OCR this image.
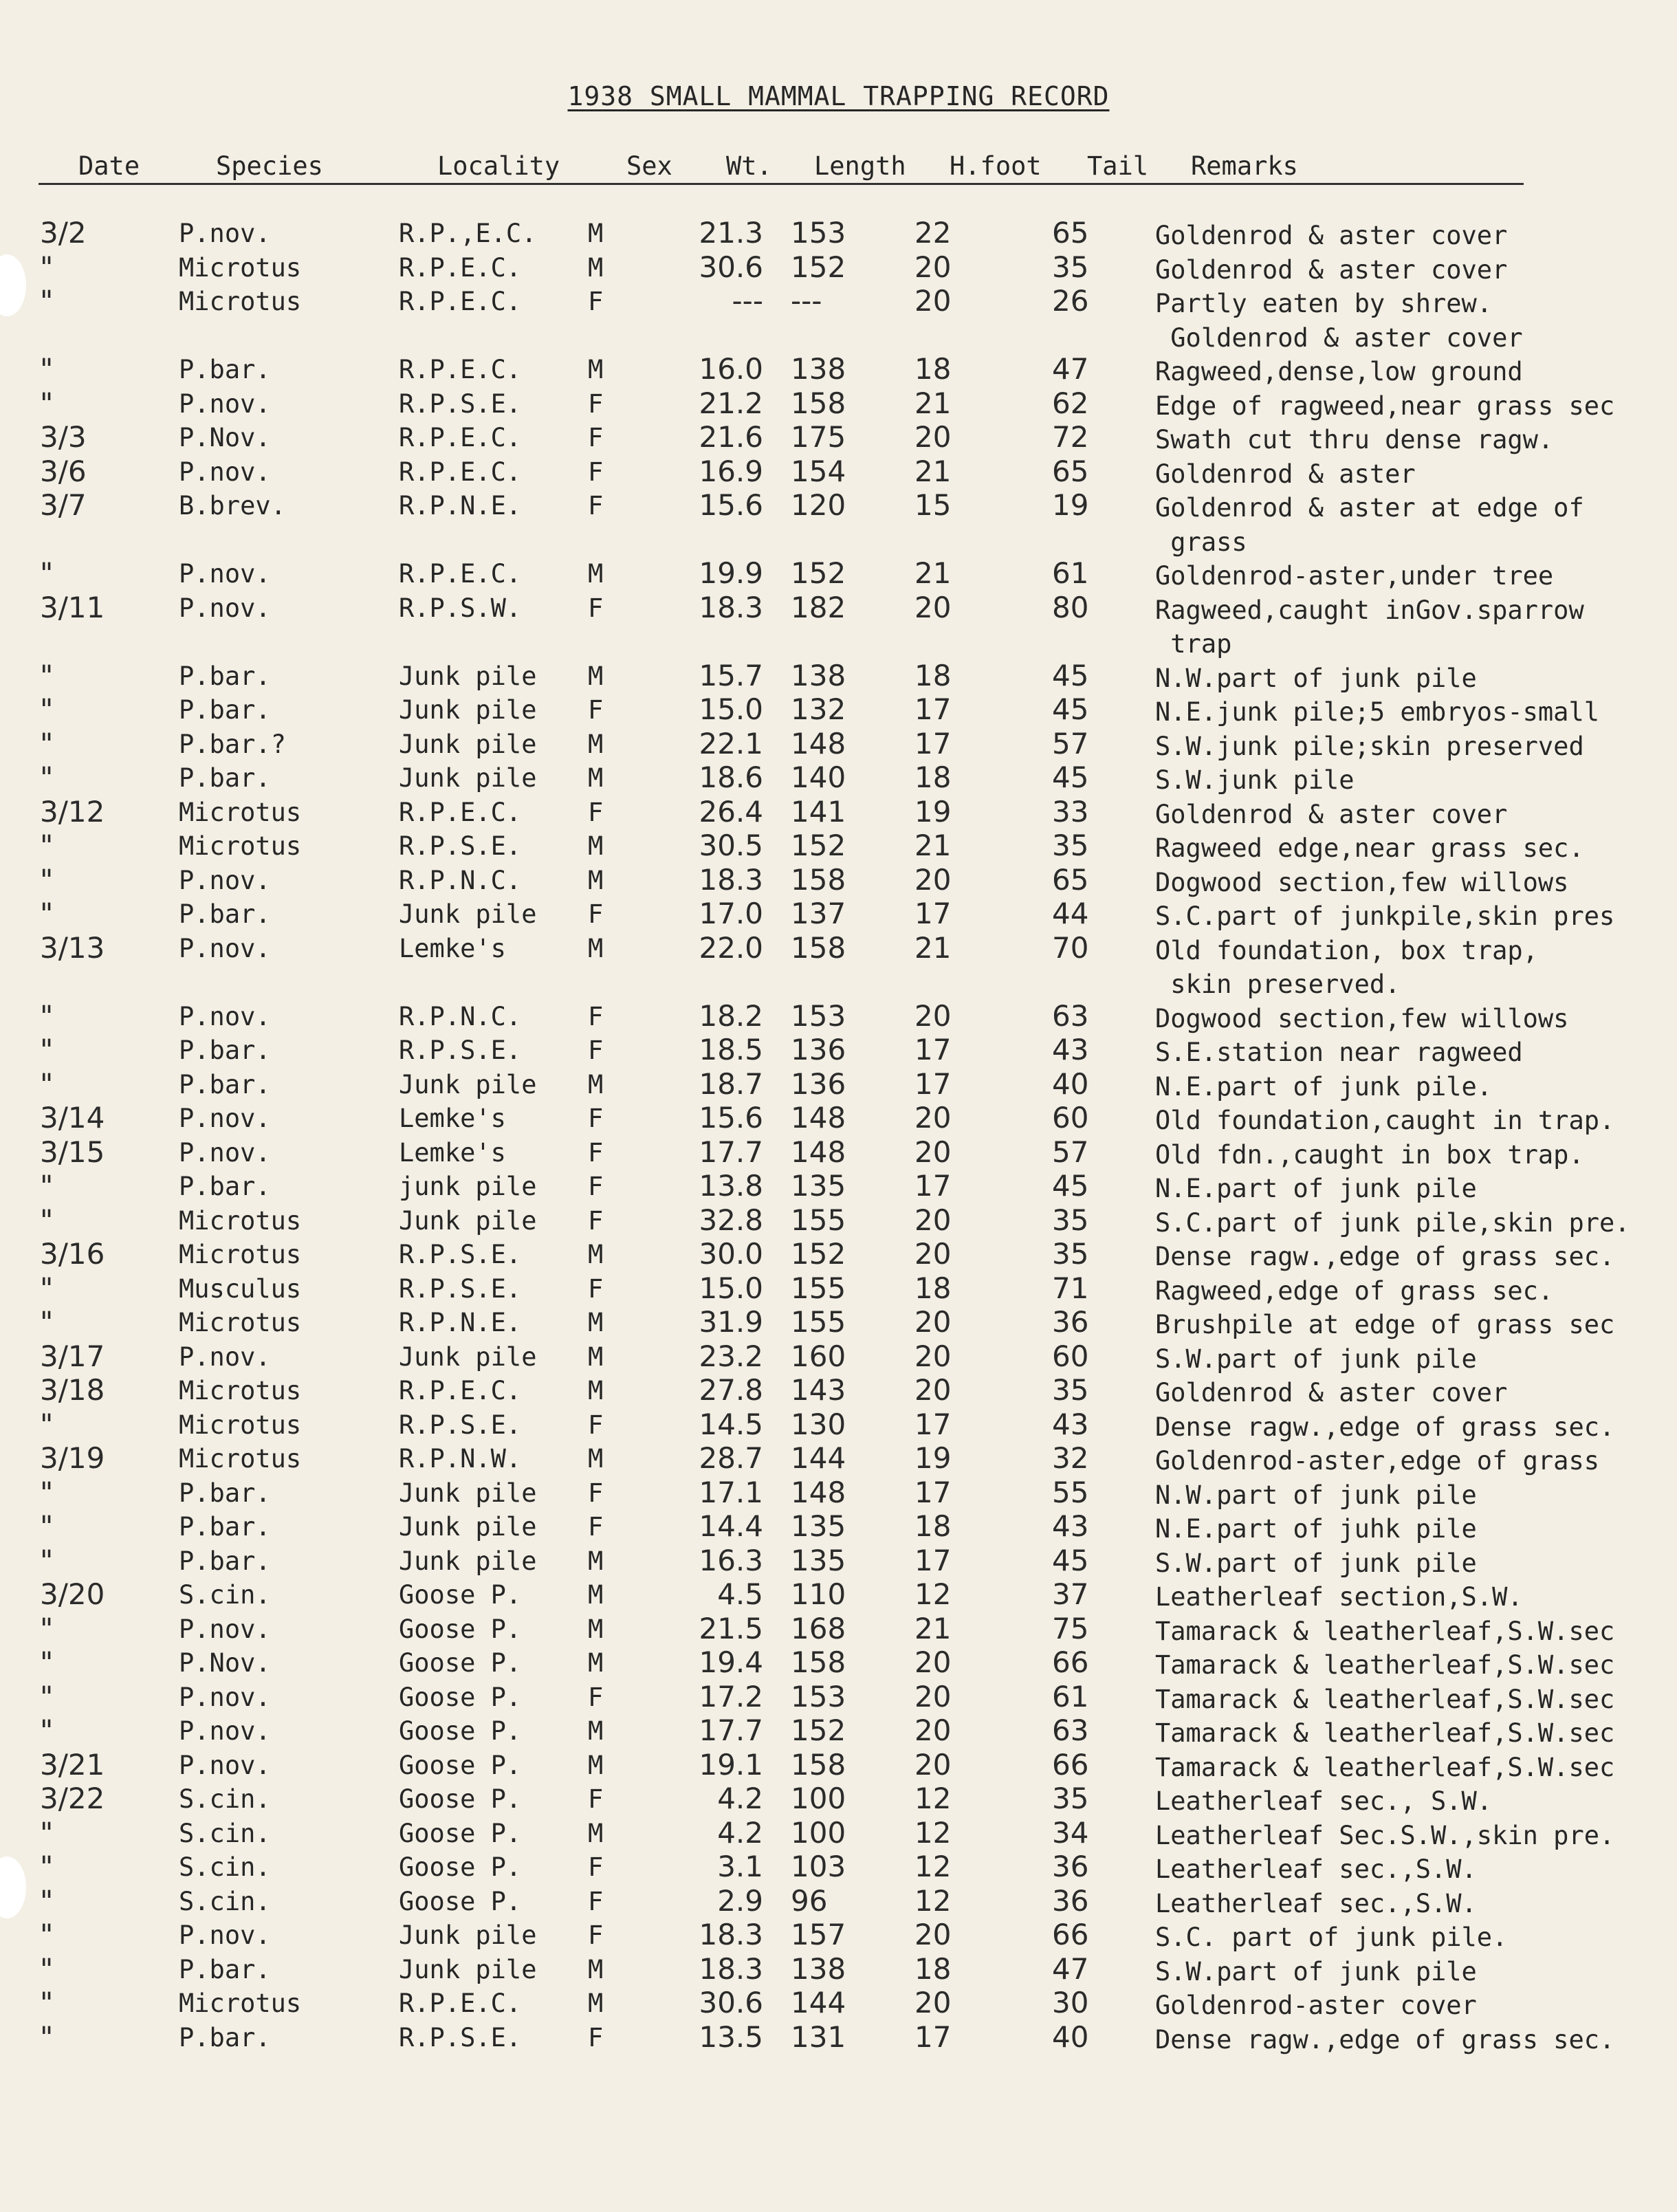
1938 SMALL MAMMAL TRAPPING RECORD
Date	Species	Locality	Sex Wt. Length H.foot Tail Remarks
3/2	P.nov.	R.P.,E.C. M	21.3 153 22	65	Goldenrod & aster cover
"	Microtus	R.P.E.C.	M	30.6 152 20	35	Goldenrod & aster cover
"	Microtus	R.P.E.C.	F	--- ---	20	26	Partly eaten by shrew.
Goldenrod & aster cover
"	P.bar.	R.P.E.C.	M	16.0 138 18	47	Ragweed,dense,low ground
"	P.nov.	R.P.S.E.	F	21.2 158 21	62	Edge of ragweed,near grass sec
3/3	P.Nov.	R.P.E.C.	F	21.6 175 20	72	Swath cut thru dense ragw.
3/6	P.nov.	R.P.E.C.	F	16.9 154 21	65	Goldenrod & aster
3/7	B.brev.	R.P.N.E.	F	15.6 120 15	19	Goldenrod & aster at edge of
grass
"	P.nov.	R.P.E.C.	M	19.9 152 21	61	Goldenrod-aster,under tree
3/11	P.nov.	R.P.S.W.	F	18.3 182 20	80	Ragweed,caught inGov.sparrow
trap
"	P.bar.	Junk pile M	15.7 138 18	45	N.W.part of junk pile
"	P.bar.	Junk pile F	15.0 132 17	45	N.E.junk pile;5 embryos-small
"	P.bar.?	Junk pile M	22.1 148 17	57	S.W.junk pile;skin preserved
"	P.bar.	Junk pile M	18.6 140 18	45	S.W.junk pile
3/12	Microtus	R.P.E.C.	F	26.4 141 19	33	Goldenrod & aster cover
"	Microtus	R.P.S.E.	M	30.5 152 21	35	Ragweed edge,near grass sec.
"	P.nov.	R.P.N.C.	M	18.3 158 20	65	Dogwood section,few willows
"	P.bar.	Junk pile F	17.0 137 17	44	S.C.part of junkpile,skin pres
3/13	P.nov.	Lemke's	M	22.0 158 21	70	Old foundation, box trap,
skin preserved.
"	P.nov.	R.P.N.C.	F	18.2 153 20	63	Dogwood section,few willows
"	P.bar.	R.P.S.E.	F	18.5 136 17	43	S.E.station near ragweed
"	P.bar.	Junk pile M	18.7 136 17	40	N.E.part of junk pile.
3/14	P.nov.	Lemke's	F	15.6 148 20	60	Old foundation,caught in trap.
3/15	P.nov.	Lemke's	F	17.7 148 20	57	Old fdn.,caught in box trap.
"	P.bar.	junk pile F	13.8 135 17	45	N.E.part of junk pile
"	Microtus	Junk pile F	32.8 155 20	35	S.C.part of junk pile,skin pre.
3/16	Microtus	R.P.S.E.	M	30.0 152 20	35	Dense ragw.,edge of grass sec.
"	Musculus	R.P.S.E.	F	15.0 155 18	71	Ragweed,edge of grass sec.
"	Microtus	R.P.N.E.	M	31.9 155 20	36	Brushpile at edge of grass sec
3/17	P.nov.	Junk pile M	23.2 160 20	60	S.W.part of junk pile
3/18	Microtus	R.P.E.C.	M	27.8 143 20	35	Goldenrod & aster cover
"	Microtus	R.P.S.E.	F	14.5 130 17	43	Dense ragw.,edge of grass sec.
3/19	Microtus	R.P.N.W.	M	28.7 144 19	32	Goldenrod-aster,edge of grass
"	P.bar.	Junk pile F	17.1 148 17	55	N.W.part of junk pile
"	P.bar.	Junk pile F	14.4 135 18	43	N.E.part of juhk pile
"	P.bar.	Junk pile M	16.3 135 17	45	S.W.part of junk pile
3/20	S.cin.	Goose P.	M	4.5 110 12	37	Leatherleaf section,S.W.
"	P.nov.	Goose P.	M	21.5 168 21	75	Tamarack & leatherleaf,S.W.sec
"	P.Nov.	Goose P.	M	19.4 158 20	66	Tamarack & leatherleaf,S.W.sec
"	P.nov.	Goose P.	F	17.2 153 20	61	Tamarack & leatherleaf,S.W.sec
"	P.nov.	Goose P.	M	17.7 152 20	63	Tamarack & leatherleaf,S.W.sec
3/21	P.nov.	Goose P.	M	19.1 158 20	66	Tamarack & leatherleaf,S.W.sec
3/22	S.cin.	Goose P.	F	4.2 100 12	35	Leatherleaf sec., S.W.
"	S.cin.	Goose P.	M	4.2 100 12	34	Leatherleaf Sec.S.W.,skin pre.
"	S.cin.	Goose P.	F	3.1 103 12	36	Leatherleaf sec.,S.W.
"	S.cin.	Goose P.	F	2.9 96	12	36	Leatherleaf sec.,S.W.
"	P.nov.	Junk pile F	18.3 157 20	66	S.C. part of junk pile.
"	P.bar.	Junk pile M	18.3 138 18	47	S.W.part of junk pile
"	Microtus	R.P.E.C.	M	30.6 144 20	30	Goldenrod-aster cover
"	P.bar.	R.P.S.E.	F	13.5 131 17	40	Dense ragw.,edge of grass sec.
